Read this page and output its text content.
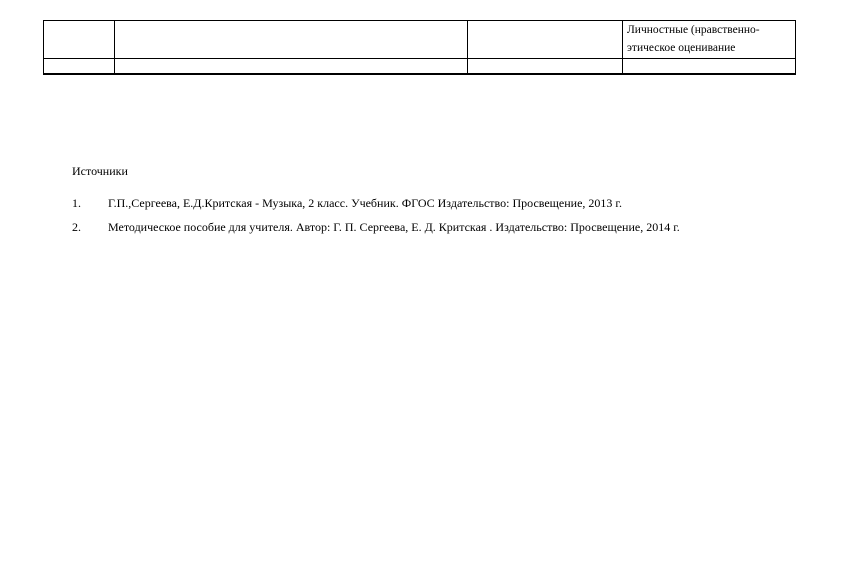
			Личностные (нравственно-этическое оценивание

Источники

1. Г.П.,Сергеева, Е.Д.Критская - Музыка, 2 класс. Учебник. ФГОС Издательство: Просвещение, 2013 г.
2. Методическое пособие для учителя. Автор: Г. П. Сергеева, Е. Д. Критская . Издательство: Просвещение, 2014 г.
